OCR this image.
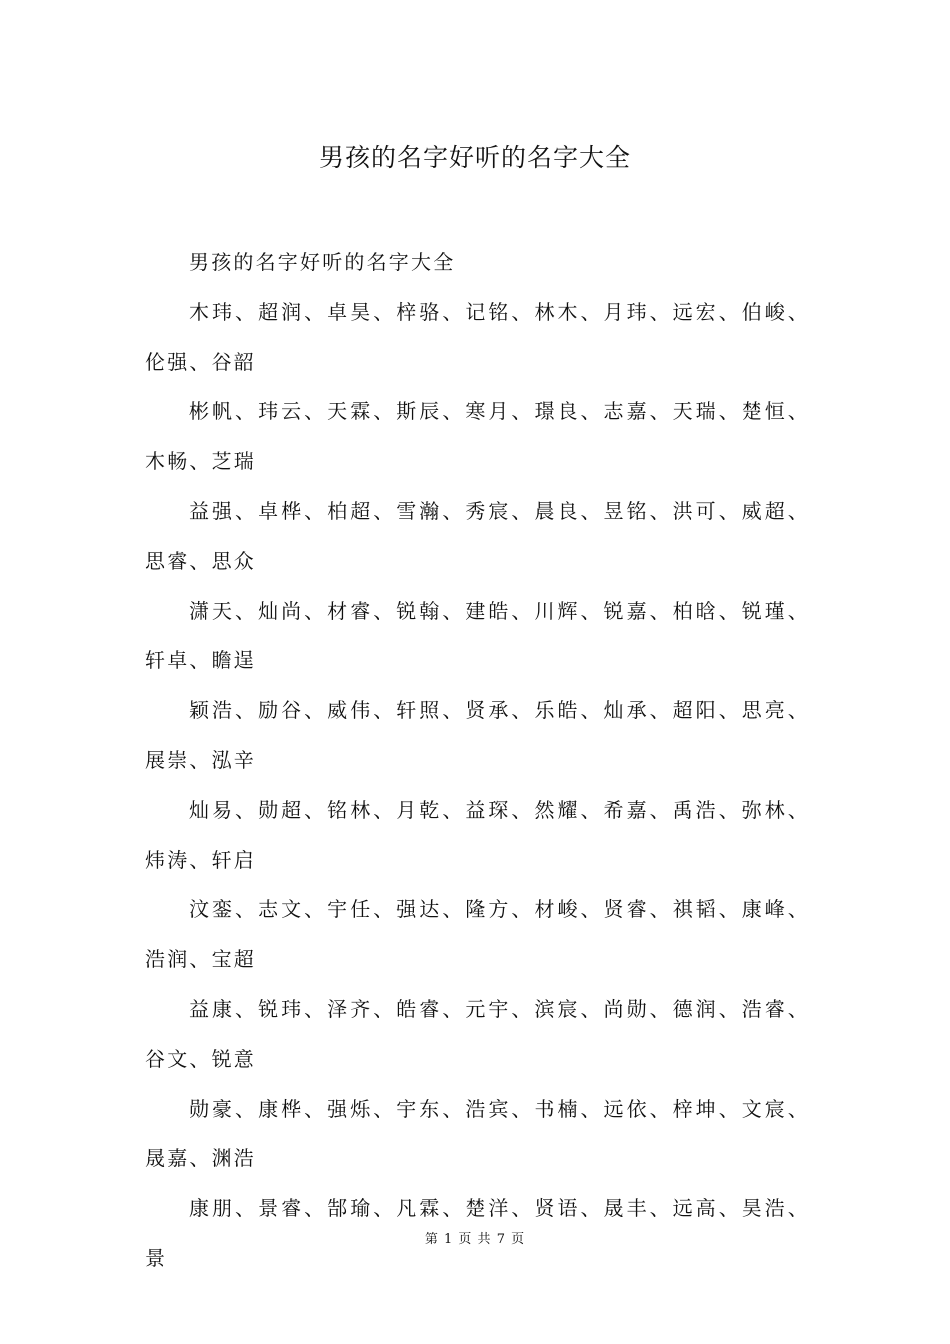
男孩的名字好听的名字大全

男孩的名字好听的名字大全

木玮、超润、卓昊、梓骆、记铭、林木、月玮、远宏、伯峻、伦强、谷韶

彬帆、玮云、天霖、斯辰、寒月、璟良、志嘉、天瑞、楚恒、木畅、芝瑞

益强、卓桦、柏超、雪瀚、秀宸、晨良、昱铭、洪可、威超、思睿、思众

潇天、灿尚、材睿、锐翰、建皓、川辉、锐嘉、柏晗、锐瑾、轩卓、瞻逞

颖浩、励谷、威伟、轩照、贤承、乐皓、灿承、超阳、思亮、展崇、泓辛

灿易、勋超、铭林、月乾、益琛、然耀、希嘉、禹浩、弥林、炜涛、轩启

汶銮、志文、宇任、强达、隆方、材峻、贤睿、祺韬、康峰、浩润、宝超

益康、锐玮、泽齐、皓睿、元宇、滨宸、尚勋、德润、浩睿、谷文、锐意

勋豪、康桦、强烁、宇东、浩宾、书楠、远依、梓坤、文宸、晟嘉、渊浩

康朋、景睿、郜瑜、凡霖、楚洋、贤语、晟丰、远高、昊浩、景

第 1 页 共 7 页
